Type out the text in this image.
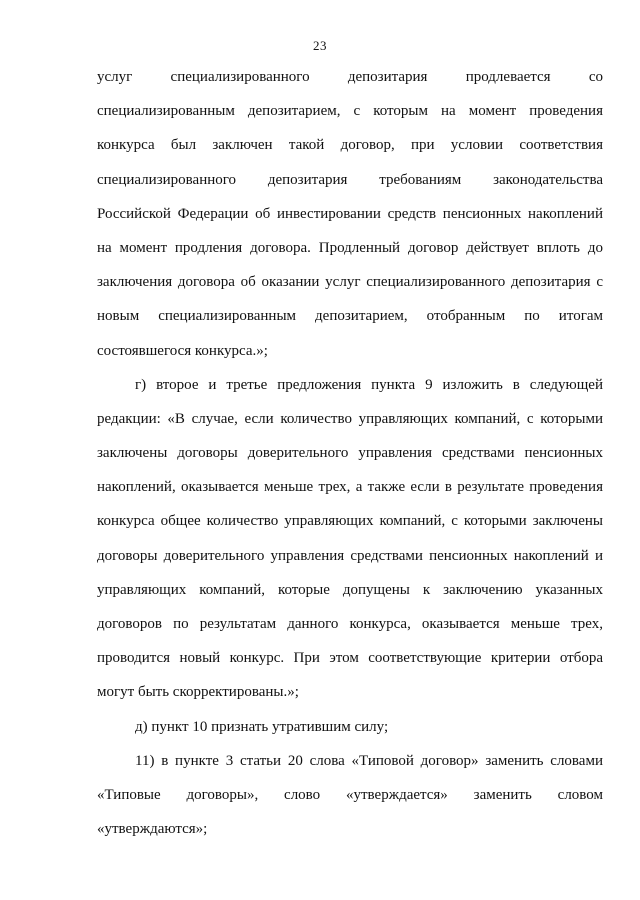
23
услуг специализированного депозитария продлевается со
специализированным депозитарием, с которым на момент проведения
конкурса был заключен такой договор, при условии соответствия
специализированного депозитария требованиям законодательства
Российской Федерации об инвестировании средств пенсионных накоплений
на момент продления договора. Продленный договор действует вплоть до
заключения договора об оказании услуг специализированного депозитария с
новым специализированным депозитарием, отобранным по итогам
состоявшегося конкурса.»;
г) второе и третье предложения пункта 9 изложить в следующей
редакции: «В случае, если количество управляющих компаний, с которыми
заключены договоры доверительного управления средствами пенсионных
накоплений, оказывается меньше трех, а также если в результате проведения
конкурса общее количество управляющих компаний, с которыми заключены
договоры доверительного управления средствами пенсионных накоплений и
управляющих компаний, которые допущены к заключению указанных
договоров по результатам данного конкурса, оказывается меньше трех,
проводится новый конкурс. При этом соответствующие критерии отбора
могут быть скорректированы.»;
д) пункт 10 признать утратившим силу;
11) в пункте 3 статьи 20 слова «Типовой договор» заменить словами
«Типовые договоры», слово «утверждается» заменить словом
«утверждаются»;
